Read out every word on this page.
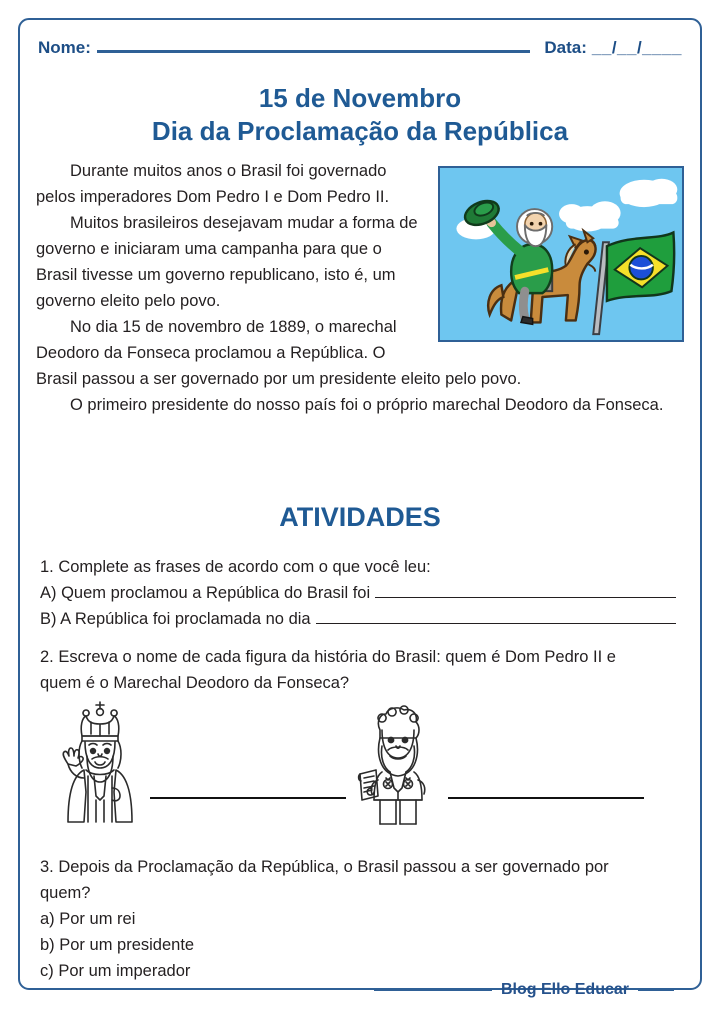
Nome:	Data: __/__/____
15 de Novembro
Dia da Proclamação da República

Durante muitos anos o Brasil foi governado pelos imperadores Dom Pedro I e Dom Pedro II.

Muitos brasileiros desejavam mudar a forma de governo e iniciaram uma campanha para que o Brasil tivesse um governo republicano, isto é, um governo eleito pelo povo.

No dia 15 de novembro de 1889, o marechal Deodoro da Fonseca proclamou a República. O Brasil passou a ser governado por um presidente eleito pelo povo.

O primeiro presidente do nosso país foi o próprio marechal Deodoro da Fonseca.

ATIVIDADES

1. Complete as frases de acordo com o que você leu:

A) Quem proclamou a República do Brasil foi
B) A República foi proclamada no dia

2. Escreva o nome de cada figura da história do Brasil: quem é Dom Pedro II e

quem é o Marechal Deodoro da Fonseca?

3. Depois da Proclamação da República, o Brasil passou a ser governado por

quem?

a) Por um rei

b) Por um presidente

c) Por um imperador

Blog Ello Educar
